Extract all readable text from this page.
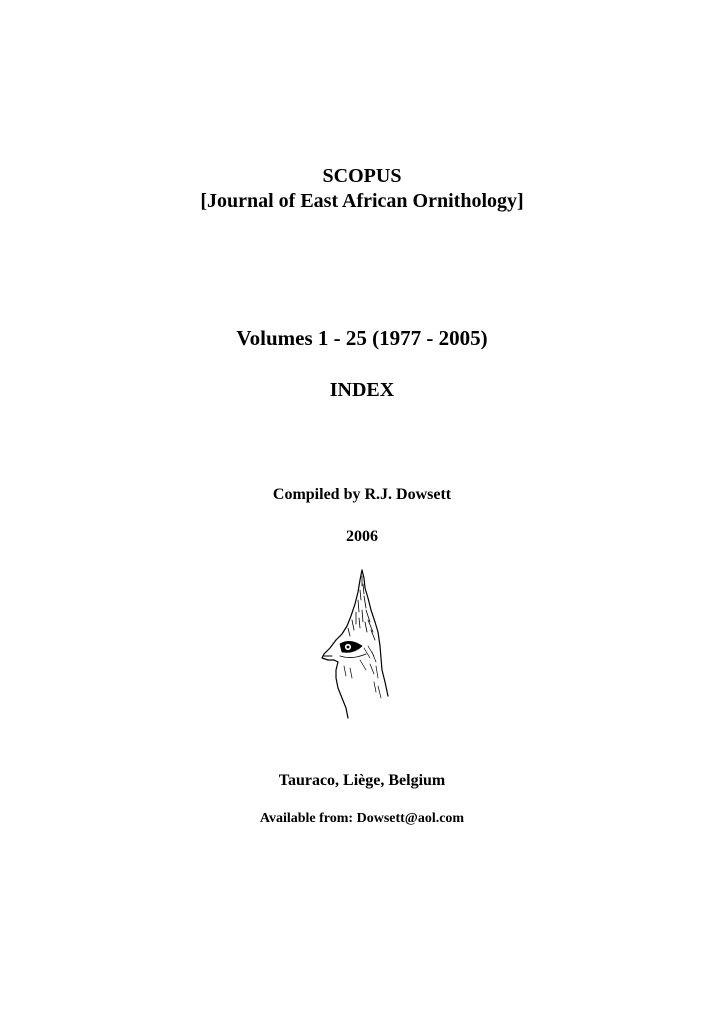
SCOPUS
[Journal of East African Ornithology]
Volumes 1 - 25 (1977 - 2005)
INDEX
Compiled by R.J. Dowsett
2006
Tauraco, Liège, Belgium
Available from: Dowsett@aol.com
